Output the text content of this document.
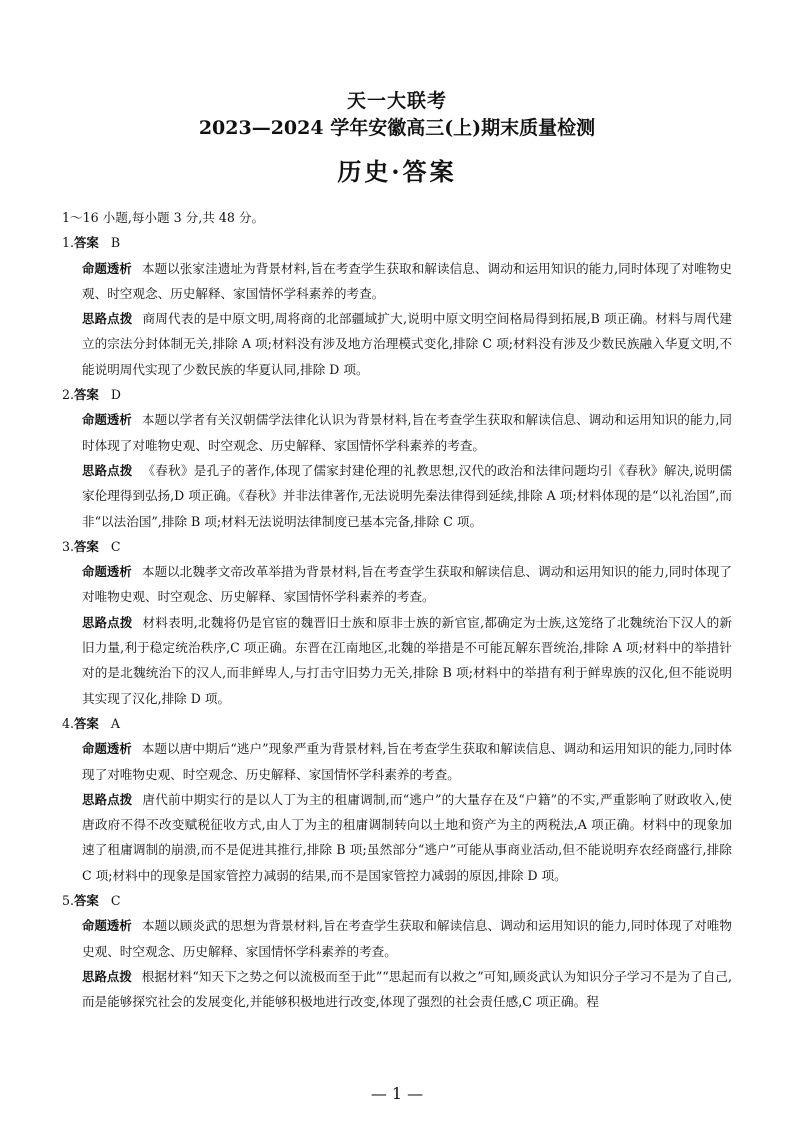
天一大联考
2023—2024 学年安徽高三(上)期末质量检测
历史·答案

1～16 小题,每小题 3 分,共 48 分。

1.答案 B

命题透析 本题以张家洼遗址为背景材料,旨在考查学生获取和解读信息、调动和运用知识的能力,同时体现了对唯物史观、时空观念、历史解释、家国情怀学科素养的考查。

思路点拨 商周代表的是中原文明,周将商的北部疆域扩大,说明中原文明空间格局得到拓展,B 项正确。材料与周代建立的宗法分封体制无关,排除 A 项;材料没有涉及地方治理模式变化,排除 C 项;材料没有涉及少数民族融入华夏文明,不能说明周代实现了少数民族的华夏认同,排除 D 项。

2.答案 D

命题透析 本题以学者有关汉朝儒学法律化认识为背景材料,旨在考查学生获取和解读信息、调动和运用知识的能力,同时体现了对唯物史观、时空观念、历史解释、家国情怀学科素养的考查。

思路点拨 《春秋》是孔子的著作,体现了儒家封建伦理的礼教思想,汉代的政治和法律问题均引《春秋》解决,说明儒家伦理得到弘扬,D 项正确。《春秋》并非法律著作,无法说明先秦法律得到延续,排除 A 项;材料体现的是“以礼治国”,而非“以法治国”,排除 B 项;材料无法说明法律制度已基本完备,排除 C 项。

3.答案 C

命题透析 本题以北魏孝文帝改革举措为背景材料,旨在考查学生获取和解读信息、调动和运用知识的能力,同时体现了对唯物史观、时空观念、历史解释、家国情怀学科素养的考查。

思路点拨 材料表明,北魏将仍是官宦的魏晋旧士族和原非士族的新官宦,都确定为士族,这笼络了北魏统治下汉人的新旧力量,利于稳定统治秩序,C 项正确。东晋在江南地区,北魏的举措是不可能瓦解东晋统治,排除 A 项;材料中的举措针对的是北魏统治下的汉人,而非鲜卑人,与打击守旧势力无关,排除 B 项;材料中的举措有利于鲜卑族的汉化,但不能说明其实现了汉化,排除 D 项。

4.答案 A

命题透析 本题以唐中期后“逃户”现象严重为背景材料,旨在考查学生获取和解读信息、调动和运用知识的能力,同时体现了对唯物史观、时空观念、历史解释、家国情怀学科素养的考查。

思路点拨 唐代前中期实行的是以人丁为主的租庸调制,而“逃户”的大量存在及“户籍”的不实,严重影响了财政收入,使唐政府不得不改变赋税征收方式,由人丁为主的租庸调制转向以土地和资产为主的两税法,A 项正确。材料中的现象加速了租庸调制的崩溃,而不是促进其推行,排除 B 项;虽然部分“逃户”可能从事商业活动,但不能说明弃农经商盛行,排除 C 项;材料中的现象是国家管控力减弱的结果,而不是国家管控力减弱的原因,排除 D 项。

5.答案 C

命题透析 本题以顾炎武的思想为背景材料,旨在考查学生获取和解读信息、调动和运用知识的能力,同时体现了对唯物史观、时空观念、历史解释、家国情怀学科素养的考查。

思路点拨 根据材料“知天下之势之何以流极而至于此”“思起而有以救之”可知,顾炎武认为知识分子学习不是为了自己,而是能够探究社会的发展变化,并能够积极地进行改变,体现了强烈的社会责任感,C 项正确。程

— 1 —
